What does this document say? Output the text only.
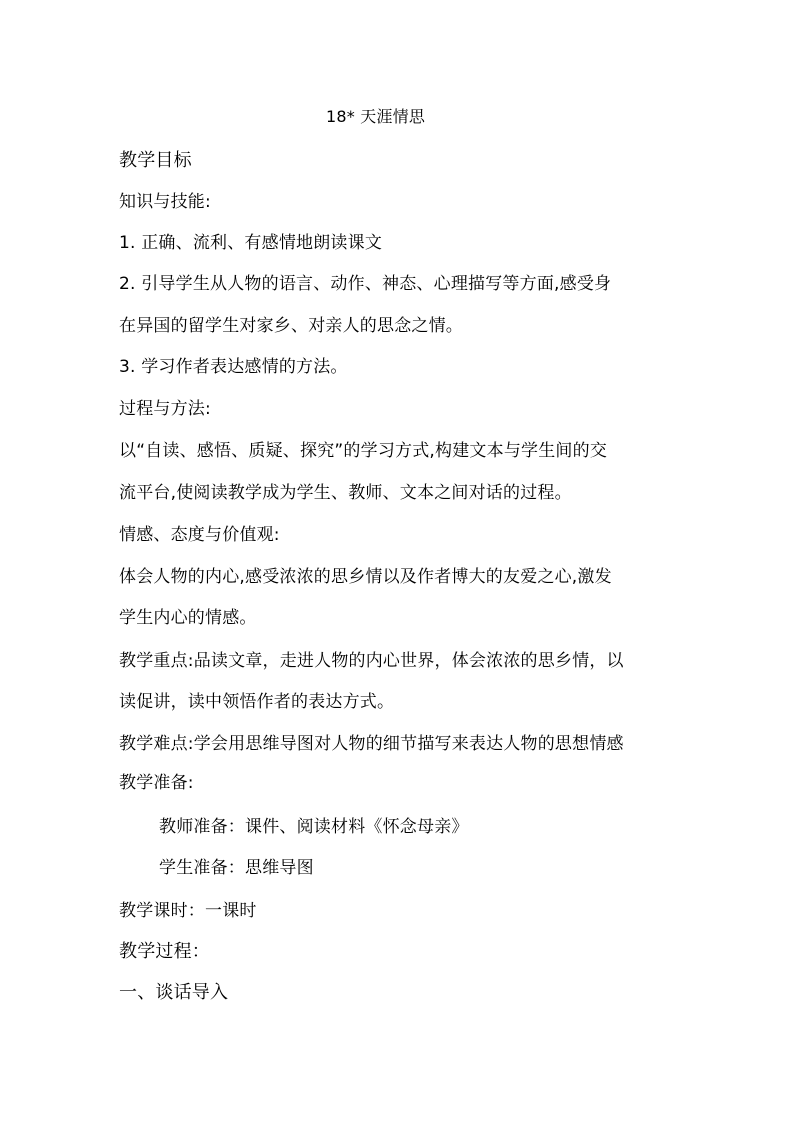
18* 天涯情思
教学目标
知识与技能:
1. 正确、流利、有感情地朗读课文
2. 引导学生从人物的语言、动作、神态、心理描写等方面,感受身
在异国的留学生对家乡、对亲人的思念之情。
3. 学习作者表达感情的方法。
过程与方法:
以“自读、感悟、质疑、探究”的学习方式,构建文本与学生间的交
流平台,使阅读教学成为学生、教师、文本之间对话的过程。
情感、态度与价值观:
体会人物的内心,感受浓浓的思乡情以及作者博大的友爱之心,激发
学生内心的情感。
教学重点:品读文章，走进人物的内心世界，体会浓浓的思乡情，以
读促讲，读中领悟作者的表达方式。
教学难点:学会用思维导图对人物的细节描写来表达人物的思想情感
教学准备:
教师准备：课件、阅读材料《怀念母亲》
学生准备：思维导图
教学课时：一课时
教学过程：
一、谈话导入
